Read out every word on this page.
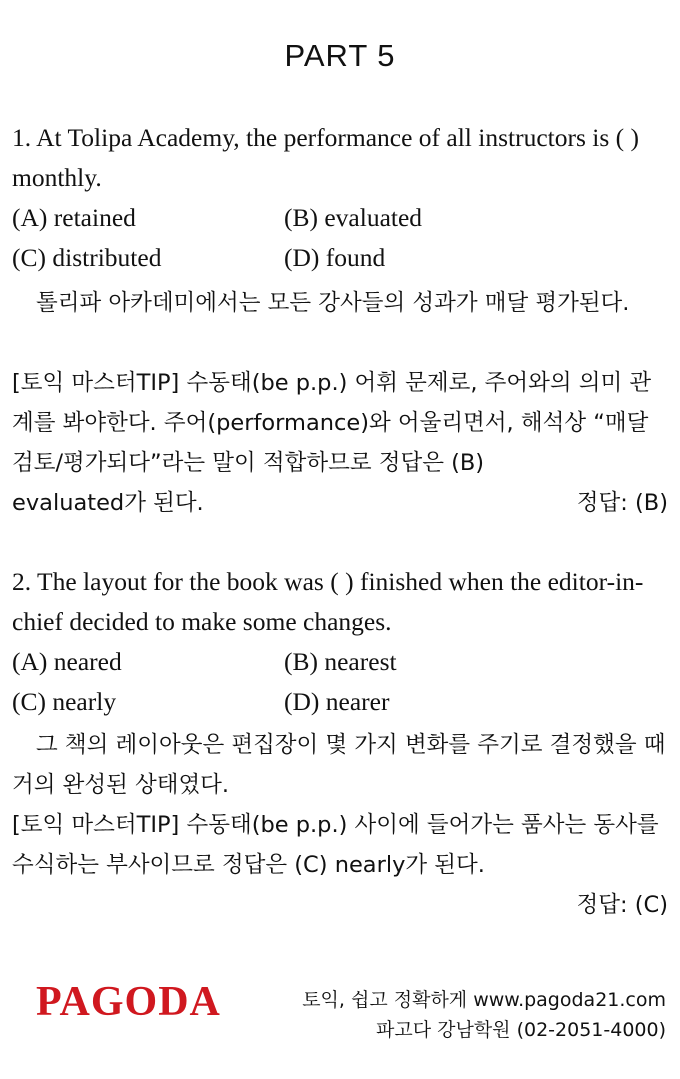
PART 5
1. At Tolipa Academy, the performance of all instructors is ( ) monthly.
(A) retained	(B) evaluated
(C) distributed	(D) found
톨리파 아카데미에서는 모든 강사들의 성과가 매달 평가된다.
[토익 마스터TIP] 수동태(be p.p.) 어휘 문제로, 주어와의 의미 관계를 봐야한다. 주어(performance)와 어울리면서, 해석상 “매달 검토/평가되다”라는 말이 적합하므로 정답은 (B)
evaluated가 된다.	정답: (B)
2. The layout for the book was ( ) finished when the editor-in-chief decided to make some changes.
(A) neared	(B) nearest
(C) nearly	(D) nearer
그 책의 레이아웃은 편집장이 몇 가지 변화를 주기로 결정했을 때 거의 완성된 상태였다.
[토익 마스터TIP] 수동태(be p.p.) 사이에 들어가는 품사는 동사를 수식하는 부사이므로 정답은 (C) nearly가 된다.
정답: (C)
PAGODA	토익, 쉽고 정확하게 www.pagoda21.com
파고다 강남학원 (02-2051-4000)
